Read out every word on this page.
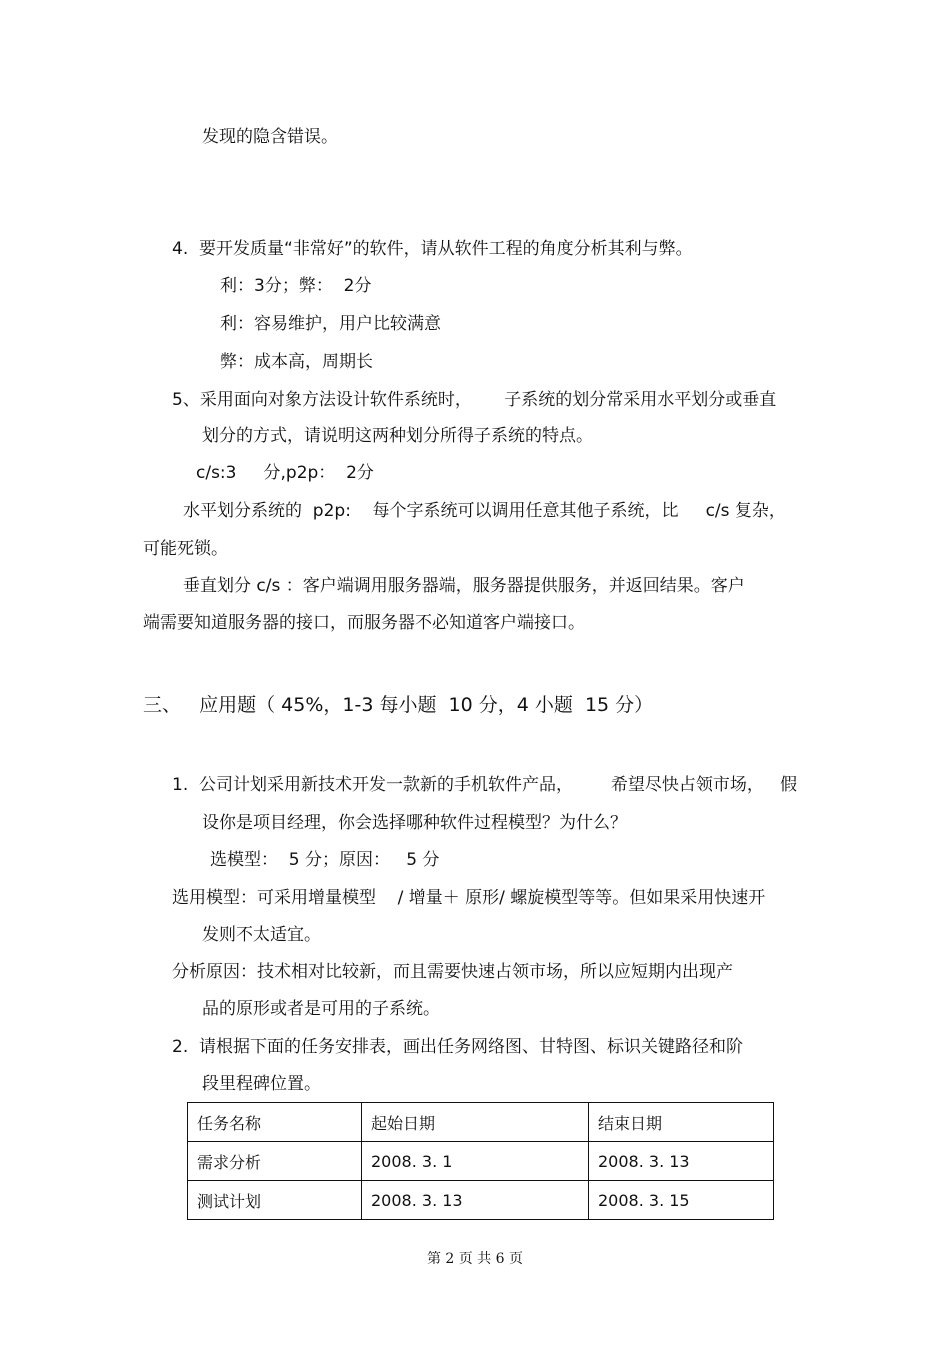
发现的隐含错误。
4.  要开发质量“非常好”的软件，请从软件工程的角度分析其利与弊。
利：3分；弊：  2分
利：容易维护，用户比较满意
弊：成本高，周期长
5、采用面向对象方法设计软件系统时，      子系统的划分常采用水平划分或垂直
划分的方式，请说明这两种划分所得子系统的特点。
c/s:3     分,p2p：  2分
水平划分系统的  p2p:    每个字系统可以调用任意其他子系统，比     c/s 复杂，
可能死锁。
垂直划分 c/s ：客户端调用服务器端，服务器提供服务，并返回结果。客户
端需要知道服务器的接口，而服务器不必知道客户端接口。
三、   应用题（ 45%，1-3 每小题  10 分，4 小题  15 分）
1.  公司计划采用新技术开发一款新的手机软件产品，       希望尽快占领市场，   假
设你是项目经理，你会选择哪种软件过程模型？为什么？
选模型：  5 分；原因：   5 分
选用模型：可采用增量模型    / 增量＋ 原形/ 螺旋模型等等。但如果采用快速开
发则不太适宜。
分析原因：技术相对比较新，而且需要快速占领市场，所以应短期内出现产
品的原形或者是可用的子系统。
2.  请根据下面的任务安排表，画出任务网络图、甘特图、标识关键路径和阶
段里程碑位置。
任务名称	起始日期	结束日期
需求分析	2008. 3. 1	2008. 3. 13
测试计划	2008. 3. 13	2008. 3. 15
第 2 页 共 6 页
